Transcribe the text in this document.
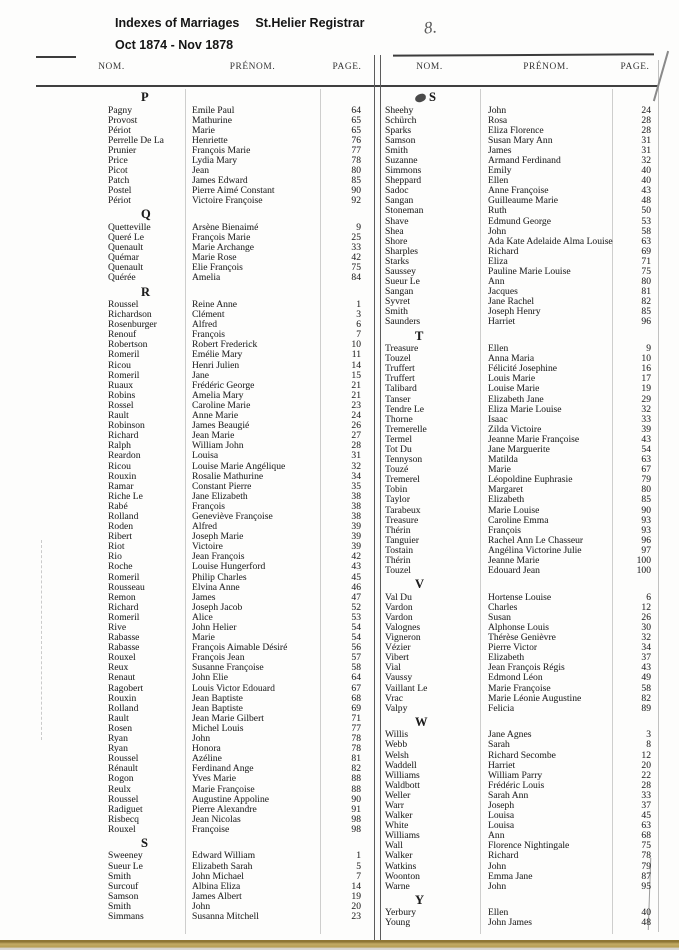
Indexes of Marriages St.Helier Registrar
Oct 1874 - Nov 1878
8.
NOM.	PRÉNOM.	PAGE.	NOM.	PRÉNOM.	PAGE.
P
Pagny	Emile Paul	64
Provost	Mathurine	65
Périot	Marie	65
Perrelle De La	Henriette	76
Prunier	François Marie	77
Price	Lydia Mary	78
Picot	Jean	80
Patch	James Edward	85
Postel	Pierre Aimé Constant	90
Périot	Victoire Françoise	92
Q
Quetteville	Arsène Bienaimé	9
Queré Le	François Marie	25
Quenault	Marie Archange	33
Quémar	Marie Rose	42
Quenault	Elie François	75
Quérée	Amelia	84
R
Roussel	Reine Anne	1
Richardson	Clément	3
Rosenburger	Alfred	6
Renouf	François	7
Robertson	Robert Frederick	10
Romeril	Emélie Mary	11
Ricou	Henri Julien	14
Romeril	Jane	15
Ruaux	Frédéric George	21
Robins	Amelia Mary	21
Rossel	Caroline Marie	23
Rault	Anne Marie	24
Robinson	James Beaugié	26
Richard	Jean Marie	27
Ralph	William John	28
Reardon	Louisa	31
Ricou	Louise Marie Angélique	32
Rouxin	Rosalie Mathurine	34
Ramar	Constant Pierre	35
Riche Le	Jane Elizabeth	38
Rabé	François	38
Rolland	Geneviève Françoise	38
Roden	Alfred	39
Ribert	Joseph Marie	39
Riot	Victoire	39
Rio	Jean François	42
Roche	Louise Hungerford	43
Romeril	Philip Charles	45
Rousseau	Elvina Anne	46
Remon	James	47
Richard	Joseph Jacob	52
Romeril	Alice	53
Rive	John Helier	54
Rabasse	Marie	54
Rabasse	François Aimable Désiré	56
Rouxel	François Jean	57
Reux	Susanne Françoise	58
Renaut	John Elie	64
Ragobert	Louis Victor Edouard	67
Rouxin	Jean Baptiste	68
Rolland	Jean Baptiste	69
Rault	Jean Marie Gilbert	71
Rosen	Michel Louis	77
Ryan	John	78
Ryan	Honora	78
Roussel	Azéline	81
Rénault	Ferdinand Ange	82
Rogon	Yves Marie	88
Reulx	Marie Françoise	88
Roussel	Augustine Appoline	90
Radiguet	Pierre Alexandre	91
Risbecq	Jean Nicolas	98
Rouxel	Françoise	98
S
Sweeney	Edward William	1
Sueur Le	Elizabeth Sarah	5
Smith	John Michael	7
Surcouf	Albina Eliza	14
Samson	James Albert	19
Smith	John	20
Simmans	Susanna Mitchell	23
S
Sheehy	John	24
Schürch	Rosa	28
Sparks	Eliza Florence	28
Samson	Susan Mary Ann	31
Smith	James	31
Suzanne	Armand Ferdinand	32
Simmons	Emily	40
Sheppard	Ellen	40
Sadoc	Anne Françoise	43
Sangan	Guilleaume Marie	48
Stoneman	Ruth	50
Shave	Edmund George	53
Shea	John	58
Shore	Ada Kate Adelaide Alma Louise	63
Sharples	Richard	69
Starks	Eliza	71
Saussey	Pauline Marie Louise	75
Sueur Le	Ann	80
Sangan	Jacques	81
Syvret	Jane Rachel	82
Smith	Joseph Henry	85
Saunders	Harriet	96
T
Treasure	Ellen	9
Touzel	Anna Maria	10
Truffert	Félicité Josephine	16
Truffert	Louis Marie	17
Talibard	Louise Marie	19
Tanser	Elizabeth Jane	29
Tendre Le	Eliza Marie Louise	32
Thorne	Isaac	33
Tremerelle	Zilda Victoire	39
Termel	Jeanne Marie Françoise	43
Tot Du	Jane Marguerite	54
Tennyson	Matilda	63
Touzé	Marie	67
Tremerel	Léopoldine Euphrasie	79
Tobin	Margaret	80
Taylor	Elizabeth	85
Tarabeux	Marie Louise	90
Treasure	Caroline Emma	93
Thérin	François	93
Tanguier	Rachel Ann Le Chasseur	96
Tostain	Angélina Victorine Julie	97
Thérin	Jeanne Marie	100
Touzel	Edouard Jean	100
V
Val Du	Hortense Louise	6
Vardon	Charles	12
Vardon	Susan	26
Valognes	Alphonse Louis	30
Vigneron	Thérèse Genièvre	32
Vézier	Pierre Victor	34
Vibert	Elizabeth	37
Vial	Jean François Régis	43
Vaussy	Edmond Léon	49
Vaillant Le	Marie Françoise	58
Vrac	Marie Léonie Augustine	82
Valpy	Felicia	89
W
Willis	Jane Agnes	3
Webb	Sarah	8
Welsh	Richard Secombe	12
Waddell	Harriet	20
Williams	William Parry	22
Waldbott	Frédéric Louis	28
Weller	Sarah Ann	33
Warr	Joseph	37
Walker	Louisa	45
White	Louisa	63
Williams	Ann	68
Wall	Florence Nightingale	75
Walker	Richard	78
Watkins	John	79
Woonton	Emma Jane	87
Warne	John	95
Y
Yerbury	Ellen	40
Young	John James	48
